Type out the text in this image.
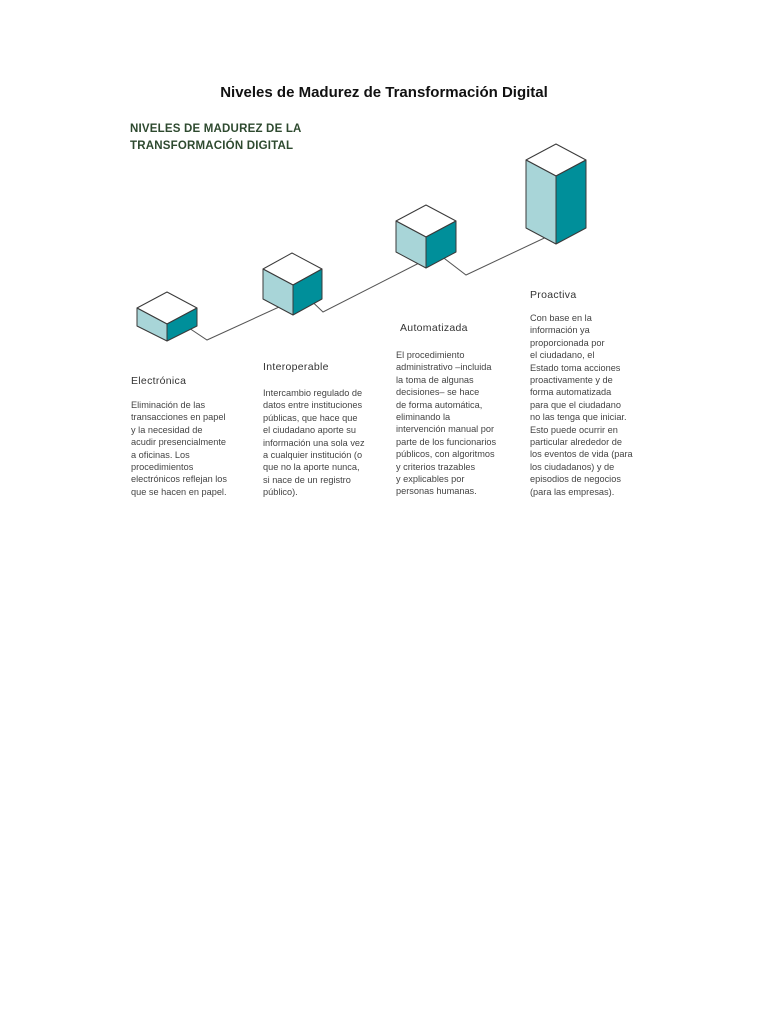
Niveles de Madurez de Transformación Digital
NIVELES DE MADUREZ DE LA
TRANSFORMACIÓN DIGITAL
Electrónica
Eliminación de las
transacciones en papel
y la necesidad de
acudir presencialmente
a oficinas. Los
procedimientos
electrónicos reflejan los
que se hacen en papel.
Interoperable
Intercambio regulado de
datos entre instituciones
públicas, que hace que
el ciudadano aporte su
información una sola vez
a cualquier institución (o
que no la aporte nunca,
si nace de un registro
público).
Automatizada
El procedimiento
administrativo –incluida
la toma de algunas
decisiones– se hace
de forma automática,
eliminando la
intervención manual por
parte de los funcionarios
públicos, con algoritmos
y criterios trazables
y explicables por
personas humanas.
Proactiva
Con base en la
información ya
proporcionada por
el ciudadano, el
Estado toma acciones
proactivamente y de
forma automatizada
para que el ciudadano
no las tenga que iniciar.
Esto puede ocurrir en
particular alrededor de
los eventos de vida (para
los ciudadanos) y de
episodios de negocios
(para las empresas).
